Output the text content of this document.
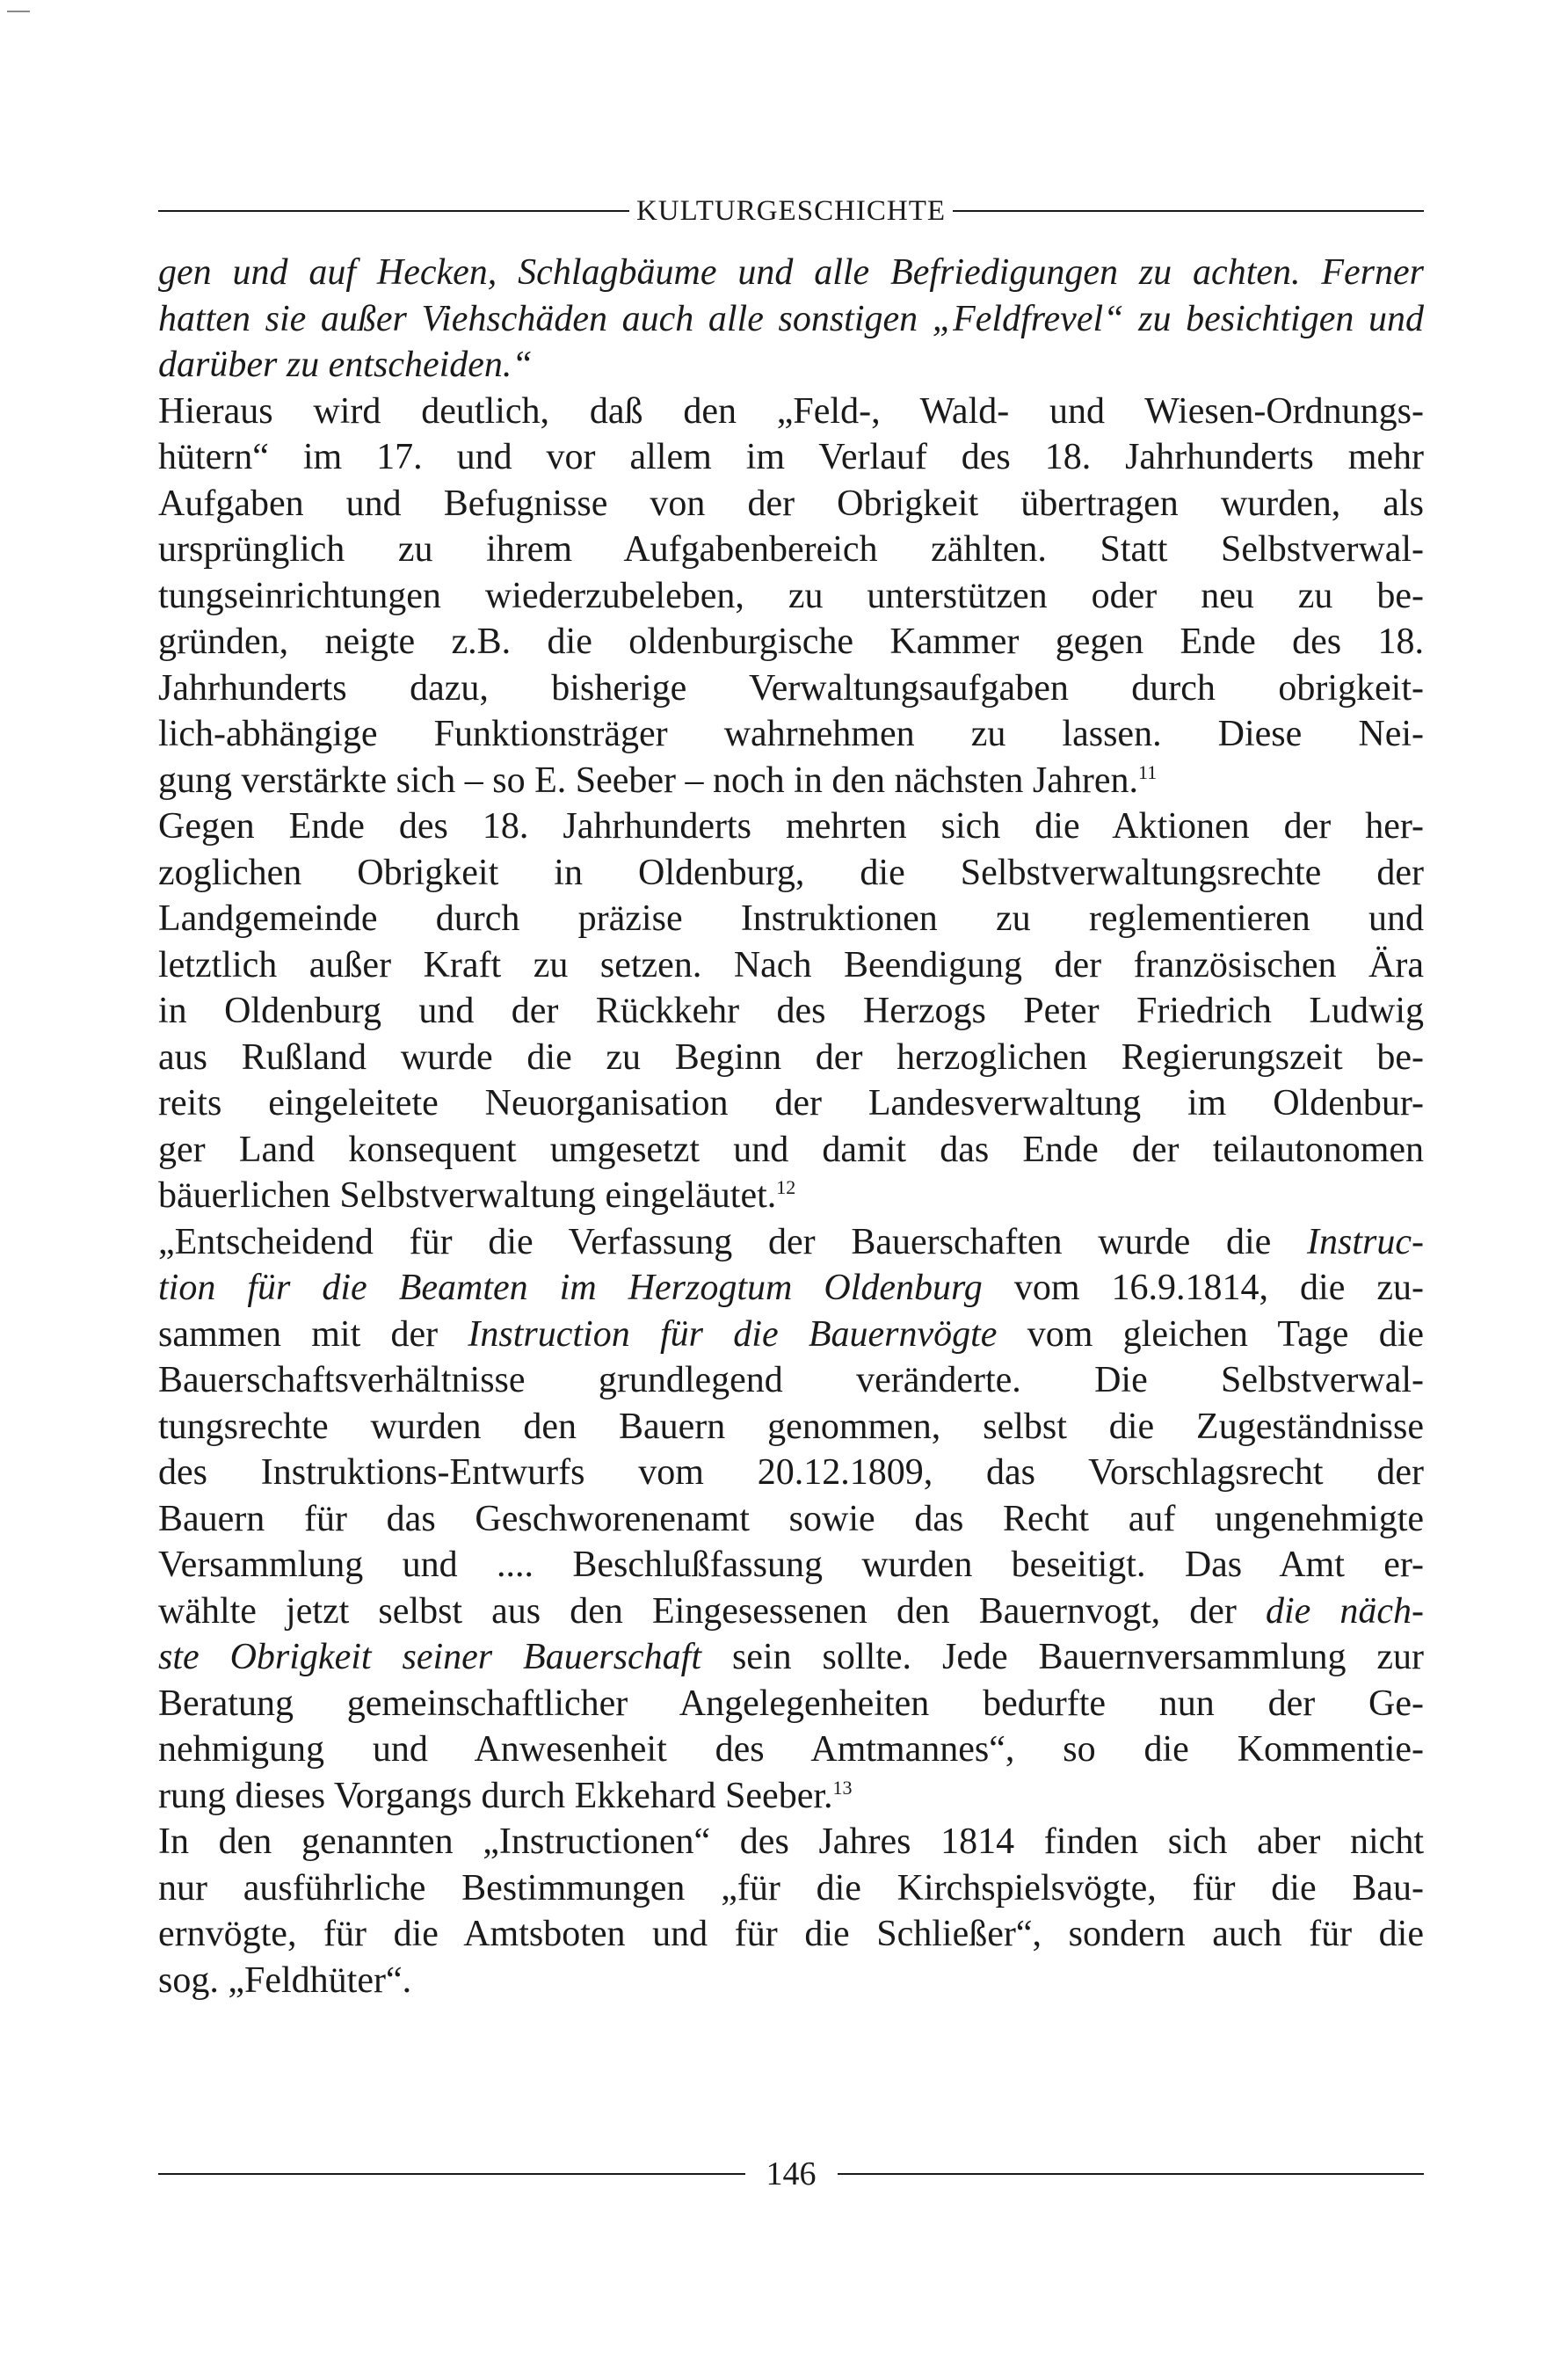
KULTURGESCHICHTE
gen und auf Hecken, Schlagbäume und alle Befriedigungen zu achten. Ferner
hatten sie außer Viehschäden auch alle sonstigen „Feldfrevel“ zu besichtigen und
darüber zu entscheiden.“
Hieraus wird deutlich, daß den „Feld-, Wald- und Wiesen-Ordnungs-
hütern“ im 17. und vor allem im Verlauf des 18. Jahrhunderts mehr
Aufgaben und Befugnisse von der Obrigkeit übertragen wurden, als
ursprünglich zu ihrem Aufgabenbereich zählten. Statt Selbstverwal-
tungseinrichtungen wiederzubeleben, zu unterstützen oder neu zu be-
gründen, neigte z.B. die oldenburgische Kammer gegen Ende des 18.
Jahrhunderts dazu, bisherige Verwaltungsaufgaben durch obrigkeit-
lich-abhängige Funktionsträger wahrnehmen zu lassen. Diese Nei-
gung verstärkte sich – so E. Seeber – noch in den nächsten Jahren.$^{11}$
Gegen Ende des 18. Jahrhunderts mehrten sich die Aktionen der her-
zoglichen Obrigkeit in Oldenburg, die Selbstverwaltungsrechte der
Landgemeinde durch präzise Instruktionen zu reglementieren und
letztlich außer Kraft zu setzen. Nach Beendigung der französischen Ära
in Oldenburg und der Rückkehr des Herzogs Peter Friedrich Ludwig
aus Rußland wurde die zu Beginn der herzoglichen Regierungszeit be-
reits eingeleitete Neuorganisation der Landesverwaltung im Oldenbur-
ger Land konsequent umgesetzt und damit das Ende der teilautonomen
bäuerlichen Selbstverwaltung eingeläutet.$^{12}$
„Entscheidend für die Verfassung der Bauerschaften wurde die Instruc-
tion für die Beamten im Herzogtum Oldenburg vom 16.9.1814, die zu-
sammen mit der Instruction für die Bauernvögte vom gleichen Tage die
Bauerschaftsverhältnisse grundlegend veränderte. Die Selbstverwal-
tungsrechte wurden den Bauern genommen, selbst die Zugeständnisse
des Instruktions-Entwurfs vom 20.12.1809, das Vorschlagsrecht der
Bauern für das Geschworenenamt sowie das Recht auf ungenehmigte
Versammlung und .... Beschlußfassung wurden beseitigt. Das Amt er-
wählte jetzt selbst aus den Eingesessenen den Bauernvogt, der die näch-
ste Obrigkeit seiner Bauerschaft sein sollte. Jede Bauernversammlung zur
Beratung gemeinschaftlicher Angelegenheiten bedurfte nun der Ge-
nehmigung und Anwesenheit des Amtmannes“, so die Kommentie-
rung dieses Vorgangs durch Ekkehard Seeber.$^{13}$
In den genannten „Instructionen“ des Jahres 1814 finden sich aber nicht
nur ausführliche Bestimmungen „für die Kirchspielsvögte, für die Bau-
ernvögte, für die Amtsboten und für die Schließer“, sondern auch für die
sog. „Feldhüter“.
146
